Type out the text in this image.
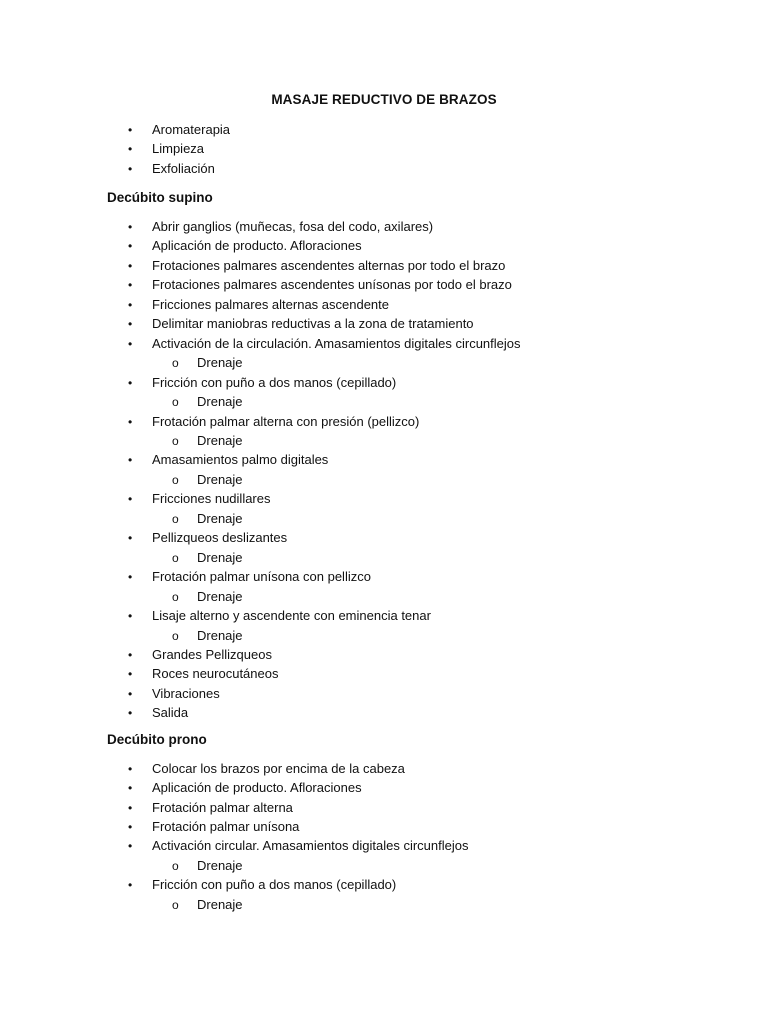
MASAJE REDUCTIVO DE BRAZOS
• Aromaterapia
• Limpieza
• Exfoliación
Decúbito supino
• Abrir ganglios (muñecas, fosa del codo, axilares)
• Aplicación de producto. Afloraciones
• Frotaciones palmares ascendentes alternas por todo el brazo
• Frotaciones palmares ascendentes unísonas por todo el brazo
• Fricciones palmares alternas ascendente
• Delimitar maniobras reductivas a la zona de tratamiento
• Activación de la circulación. Amasamientos digitales circunflejos
o Drenaje
• Fricción con puño a dos manos (cepillado)
o Drenaje
• Frotación palmar alterna con presión (pellizco)
o Drenaje
• Amasamientos palmo digitales
o Drenaje
• Fricciones nudillares
o Drenaje
• Pellizqueos deslizantes
o Drenaje
• Frotación palmar unísona con pellizco
o Drenaje
• Lisaje alterno y ascendente con eminencia tenar
o Drenaje
• Grandes Pellizqueos
• Roces neurocutáneos
• Vibraciones
• Salida
Decúbito prono
• Colocar los brazos por encima de la cabeza
• Aplicación de producto. Afloraciones
• Frotación palmar alterna
• Frotación palmar unísona
• Activación circular. Amasamientos digitales circunflejos
o Drenaje
• Fricción con puño a dos manos (cepillado)
o Drenaje
